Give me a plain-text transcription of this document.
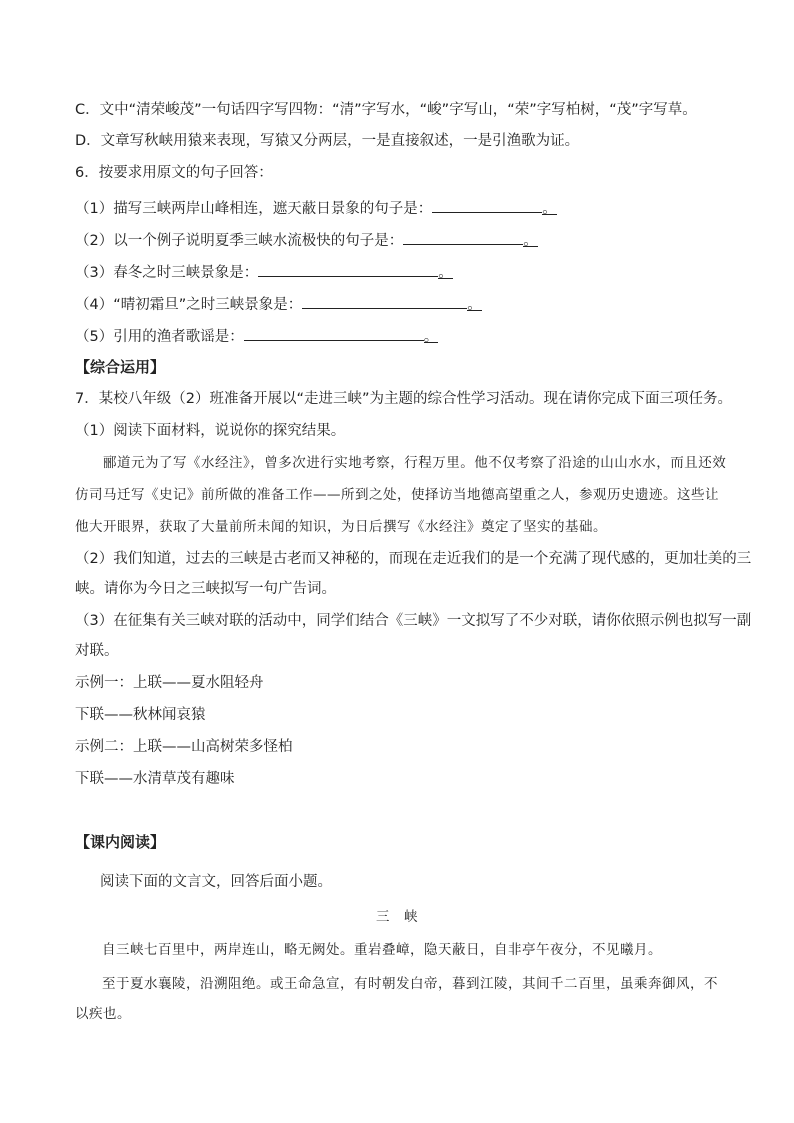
C．文中“清荣峻茂”一句话四字写四物：“清”字写水，“峻”字写山，“荣”字写柏树，“茂”字写草。
D．文章写秋峡用猿来表现，写猿又分两层，一是直接叙述，一是引渔歌为证。
6．按要求用原文的句子回答：
（1）描写三峡两岸山峰相连，遮天蔽日景象的句子是：	。
（2）以一个例子说明夏季三峡水流极快的句子是：	。
（3）春冬之时三峡景象是：	。
（4）“晴初霜旦”之时三峡景象是：	。
（5）引用的渔者歌谣是：	。
【综合运用】
7．某校八年级（2）班准备开展以“走进三峡”为主题的综合性学习活动。现在请你完成下面三项任务。
（1）阅读下面材料，说说你的探究结果。
郦道元为了写《水经注》，曾多次进行实地考察，行程万里。他不仅考察了沿途的山山水水，而且还效
仿司马迁写《史记》前所做的准备工作——所到之处，使择访当地德高望重之人，参观历史遗迹。这些让
他大开眼界，获取了大量前所未闻的知识，为日后撰写《水经注》奠定了坚实的基础。
（2）我们知道，过去的三峡是古老而又神秘的，而现在走近我们的是一个充满了现代感的，更加壮美的三
峡。请你为今日之三峡拟写一句广告词。
（3）在征集有关三峡对联的活动中，同学们结合《三峡》一文拟写了不少对联，请你依照示例也拟写一副
对联。
示例一：上联——夏水阻轻舟
下联——秋林闻哀猿
示例二：上联——山高树荣多怪柏
下联——水清草茂有趣味
【课内阅读】
阅读下面的文言文，回答后面小题。
三　峡
自三峡七百里中，两岸连山，略无阙处。重岩叠嶂，隐天蔽日，自非亭午夜分，不见曦月。
至于夏水襄陵，沿溯阻绝。或王命急宣，有时朝发白帝，暮到江陵，其间千二百里，虽乘奔御风，不
以疾也。
